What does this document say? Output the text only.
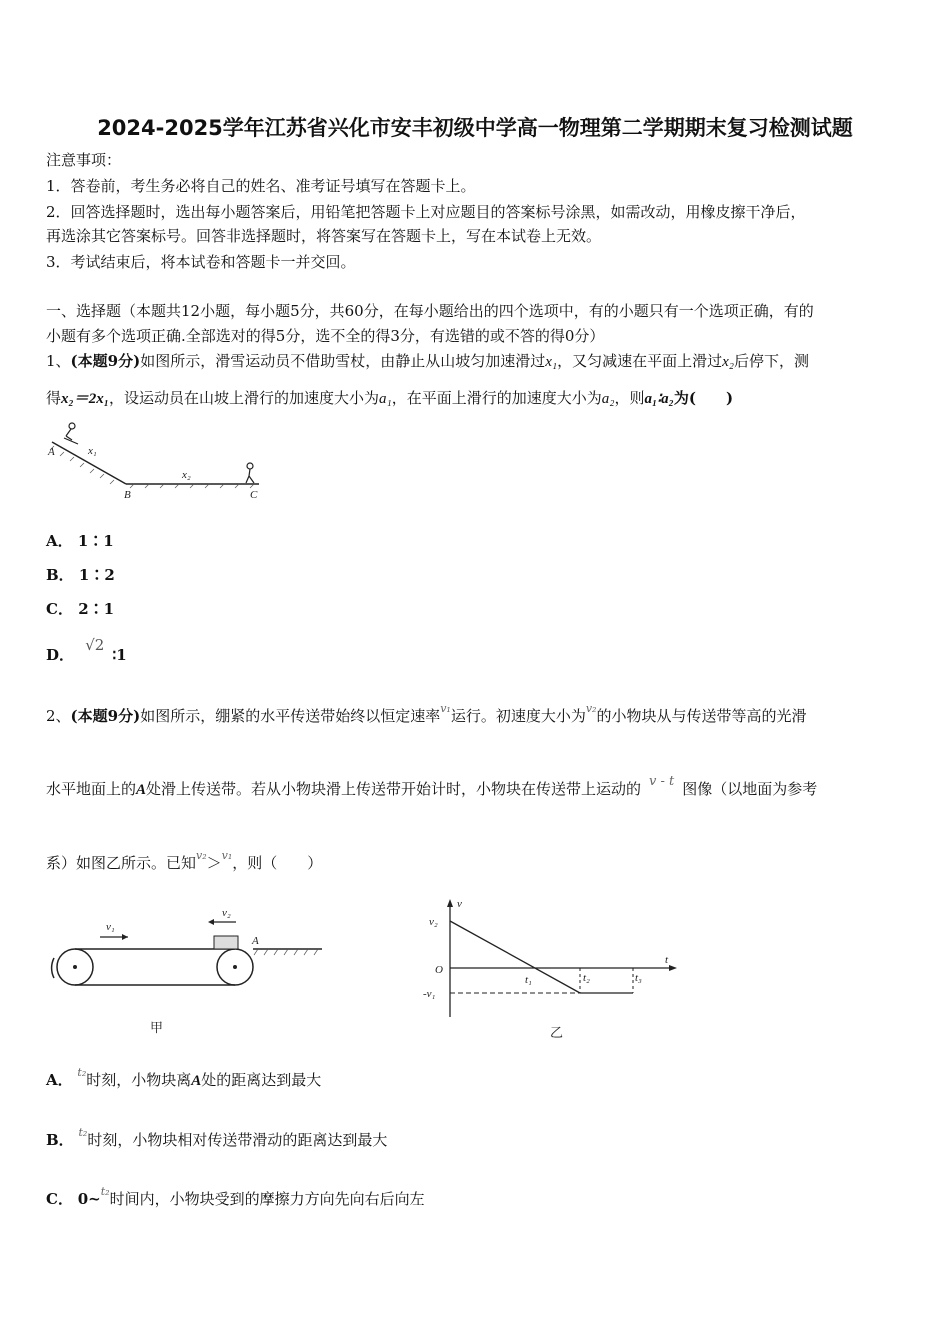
2024-2025学年江苏省兴化市安丰初级中学高一物理第二学期期末复习检测试题
注意事项：
1．答卷前，考生务必将自己的姓名、准考证号填写在答题卡上。
2．回答选择题时，选出每小题答案后，用铅笔把答题卡上对应题目的答案标号涂黑，如需改动，用橡皮擦干净后，
再选涂其它答案标号。回答非选择题时，将答案写在答题卡上，写在本试卷上无效。
3．考试结束后，将本试卷和答题卡一并交回。
一、选择题（本题共12小题，每小题5分，共60分，在每小题给出的四个选项中，有的小题只有一个选项正确，有的
小题有多个选项正确.全部选对的得5分，选不全的得3分，有选错的或不答的得0分）
1、(本题9分)如图所示，滑雪运动员不借助雪杖，由静止从山坡匀加速滑过x₁，又匀减速在平面上滑过x₂后停下，测
得x₂＝2x₁，设运动员在山坡上滑行的加速度大小为a₁，在平面上滑行的加速度大小为a₂，则a₁∶a₂为(　　)
A	x₁
B
x₂
C
A． 1∶1
B． 1∶2
C． 2∶1
D． √2∶1
2、(本题9分)如图所示，绷紧的水平传送带始终以恒定速率$^{v_1}$运行。初速度大小为$^{v_2}$的小物块从与传送带等高的光滑
水平地面上的A处滑上传送带。若从小物块滑上传送带开始计时，小物块在传送带上运动的 v - t 图像（以地面为参考
系）如图乙所示。已知$^{v_2}$＞$^{v_1}$，则（　　）
v₁
v₂
A
甲
v
v₂
O
t₁	t₂	t₃
t
-v₁
乙
A． $^{t_2}$时刻，小物块离A处的距离达到最大
B． $^{t_2}$时刻，小物块相对传送带滑动的距离达到最大
C． 0~$^{t_2}$时间内，小物块受到的摩擦力方向先向右后向左
